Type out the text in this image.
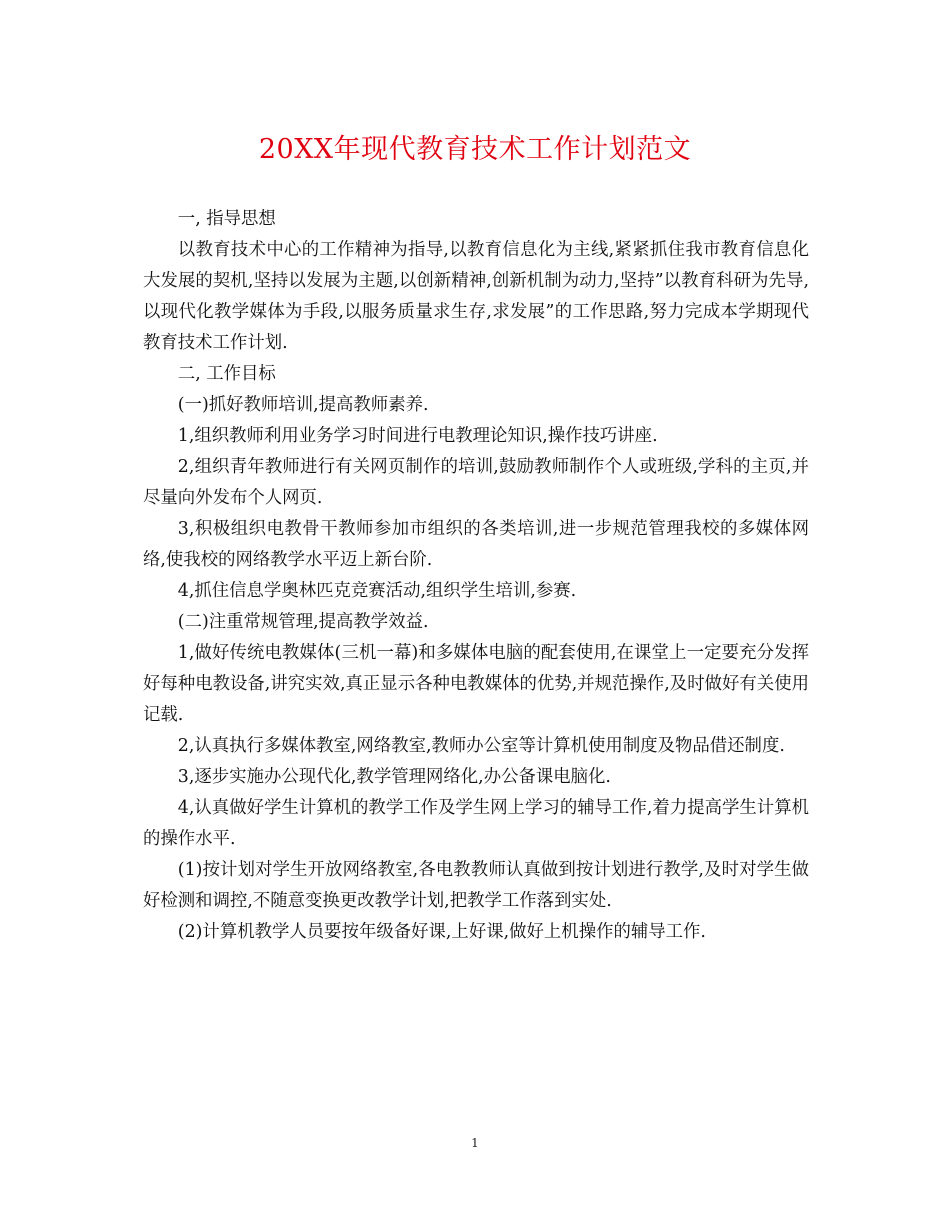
20XX年现代教育技术工作计划范文

一, 指导思想

以教育技术中心的工作精神为指导,以教育信息化为主线,紧紧抓住我市教育信息化大发展的契机,坚持以发展为主题,以创新精神,创新机制为动力,坚持”以教育科研为先导,以现代化教学媒体为手段,以服务质量求生存,求发展”的工作思路,努力完成本学期现代教育技术工作计划.

二, 工作目标

(一)抓好教师培训,提高教师素养.

1,组织教师利用业务学习时间进行电教理论知识,操作技巧讲座.

2,组织青年教师进行有关网页制作的培训,鼓励教师制作个人或班级,学科的主页,并尽量向外发布个人网页.

3,积极组织电教骨干教师参加市组织的各类培训,进一步规范管理我校的多媒体网络,使我校的网络教学水平迈上新台阶.

4,抓住信息学奥林匹克竞赛活动,组织学生培训,参赛.

(二)注重常规管理,提高教学效益.

1,做好传统电教媒体(三机一幕)和多媒体电脑的配套使用,在课堂上一定要充分发挥好每种电教设备,讲究实效,真正显示各种电教媒体的优势,并规范操作,及时做好有关使用记载.

2,认真执行多媒体教室,网络教室,教师办公室等计算机使用制度及物品借还制度.

3,逐步实施办公现代化,教学管理网络化,办公备课电脑化.

4,认真做好学生计算机的教学工作及学生网上学习的辅导工作,着力提高学生计算机的操作水平.

(1)按计划对学生开放网络教室,各电教教师认真做到按计划进行教学,及时对学生做好检测和调控,不随意变换更改教学计划,把教学工作落到实处.

(2)计算机教学人员要按年级备好课,上好课,做好上机操作的辅导工作.

1
